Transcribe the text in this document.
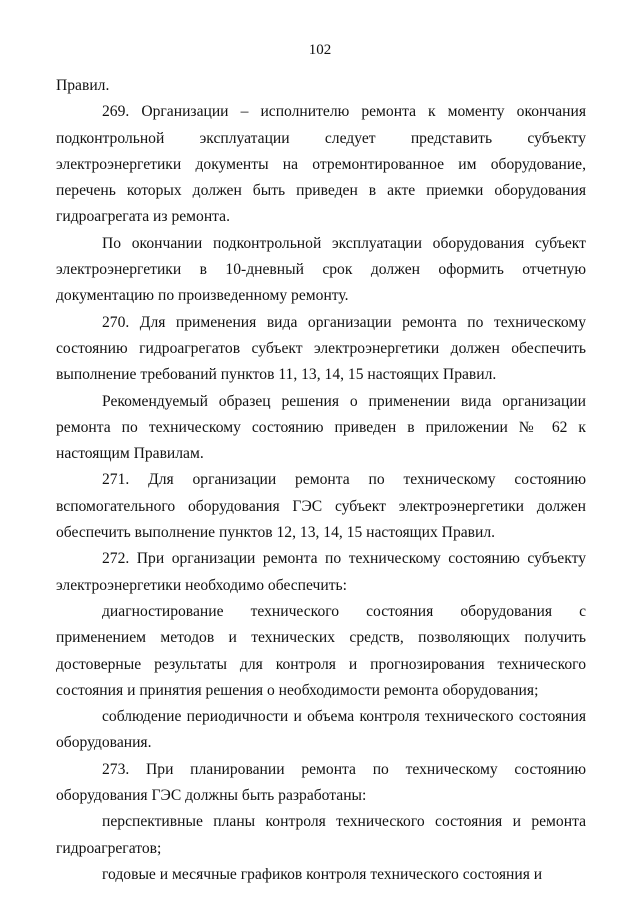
102

Правил.

269. Организации – исполнителю ремонта к моменту окончания подконтрольной эксплуатации следует представить субъекту электроэнергетики документы на отремонтированное им оборудование, перечень которых должен быть приведен в акте приемки оборудования гидроагрегата из ремонта.

По окончании подконтрольной эксплуатации оборудования субъект электроэнергетики в 10-дневный срок должен оформить отчетную документацию по произведенному ремонту.

270. Для применения вида организации ремонта по техническому состоянию гидроагрегатов субъект электроэнергетики должен обеспечить выполнение требований пунктов 11, 13, 14, 15 настоящих Правил.

Рекомендуемый образец решения о применении вида организации ремонта по техническому состоянию приведен в приложении № 62 к настоящим Правилам.

271. Для организации ремонта по техническому состоянию вспомогательного оборудования ГЭС субъект электроэнергетики должен обеспечить выполнение пунктов 12, 13, 14, 15 настоящих Правил.

272. При организации ремонта по техническому состоянию субъекту электроэнергетики необходимо обеспечить:

диагностирование технического состояния оборудования с применением методов и технических средств, позволяющих получить достоверные результаты для контроля и прогнозирования технического состояния и принятия решения о необходимости ремонта оборудования;

соблюдение периодичности и объема контроля технического состояния оборудования.

273. При планировании ремонта по техническому состоянию оборудования ГЭС должны быть разработаны:

перспективные планы контроля технического состояния и ремонта гидроагрегатов;

годовые и месячные графиков контроля технического состояния и
